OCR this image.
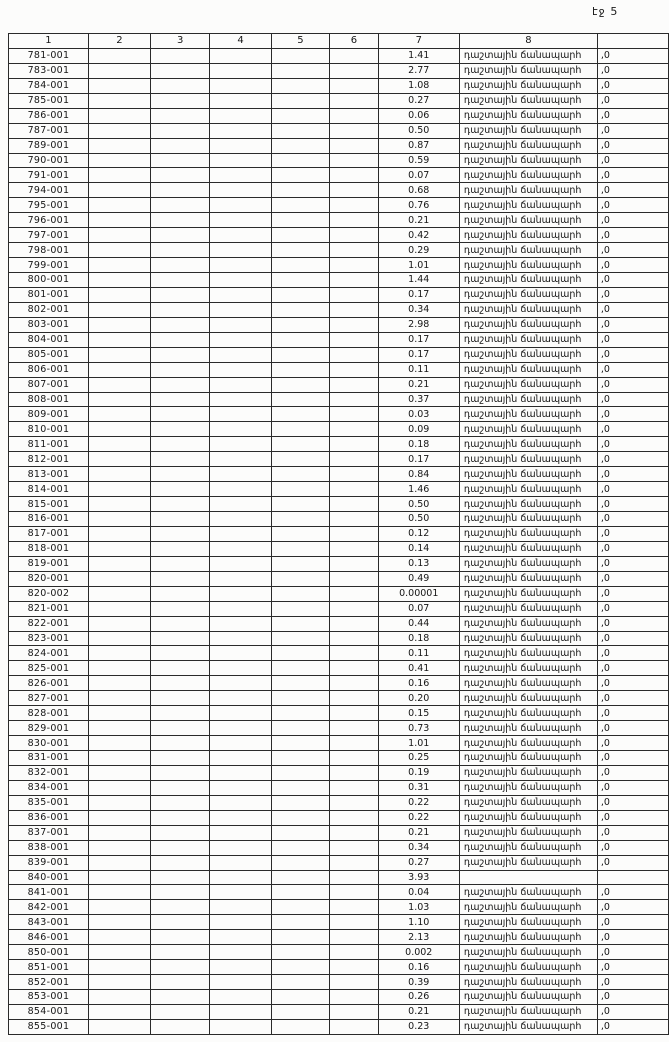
էջ 5
1	2	3	4	5	6	7	8	
781-001						1.41	դաշտային ճանապարհ	,0
783-001						2.77	դաշտային ճանապարհ	,0
784-001						1.08	դաշտային ճանապարհ	,0
785-001						0.27	դաշտային ճանապարհ	,0
786-001						0.06	դաշտային ճանապարհ	,0
787-001						0.50	դաշտային ճանապարհ	,0
789-001						0.87	դաշտային ճանապարհ	,0
790-001						0.59	դաշտային ճանապարհ	,0
791-001						0.07	դաշտային ճանապարհ	,0
794-001						0.68	դաշտային ճանապարհ	,0
795-001						0.76	դաշտային ճանապարհ	,0
796-001						0.21	դաշտային ճանապարհ	,0
797-001						0.42	դաշտային ճանապարհ	,0
798-001						0.29	դաշտային ճանապարհ	,0
799-001						1.01	դաշտային ճանապարհ	,0
800-001						1.44	դաշտային ճանապարհ	,0
801-001						0.17	դաշտային ճանապարհ	,0
802-001						0.34	դաշտային ճանապարհ	,0
803-001						2.98	դաշտային ճանապարհ	,0
804-001						0.17	դաշտային ճանապարհ	,0
805-001						0.17	դաշտային ճանապարհ	,0
806-001						0.11	դաշտային ճանապարհ	,0
807-001						0.21	դաշտային ճանապարհ	,0
808-001						0.37	դաշտային ճանապարհ	,0
809-001						0.03	դաշտային ճանապարհ	,0
810-001						0.09	դաշտային ճանապարհ	,0
811-001						0.18	դաշտային ճանապարհ	,0
812-001						0.17	դաշտային ճանապարհ	,0
813-001						0.84	դաշտային ճանապարհ	,0
814-001						1.46	դաշտային ճանապարհ	,0
815-001						0.50	դաշտային ճանապարհ	,0
816-001						0.50	դաշտային ճանապարհ	,0
817-001						0.12	դաշտային ճանապարհ	,0
818-001						0.14	դաշտային ճանապարհ	,0
819-001						0.13	դաշտային ճանապարհ	,0
820-001						0.49	դաշտային ճանապարհ	,0
820-002						0.00001	դաշտային ճանապարհ	,0
821-001						0.07	դաշտային ճանապարհ	,0
822-001						0.44	դաշտային ճանապարհ	,0
823-001						0.18	դաշտային ճանապարհ	,0
824-001						0.11	դաշտային ճանապարհ	,0
825-001						0.41	դաշտային ճանապարհ	,0
826-001						0.16	դաշտային ճանապարհ	,0
827-001						0.20	դաշտային ճանապարհ	,0
828-001						0.15	դաշտային ճանապարհ	,0
829-001						0.73	դաշտային ճանապարհ	,0
830-001						1.01	դաշտային ճանապարհ	,0
831-001						0.25	դաշտային ճանապարհ	,0
832-001						0.19	դաշտային ճանապարհ	,0
834-001						0.31	դաշտային ճանապարհ	,0
835-001						0.22	դաշտային ճանապարհ	,0
836-001						0.22	դաշտային ճանապարհ	,0
837-001						0.21	դաշտային ճանապարհ	,0
838-001						0.34	դաշտային ճանապարհ	,0
839-001						0.27	դաշտային ճանապարհ	,0
840-001						3.93		
841-001						0.04	դաշտային ճանապարհ	,0
842-001						1.03	դաշտային ճանապարհ	,0
843-001						1.10	դաշտային ճանապարհ	,0
846-001						2.13	դաշտային ճանապարհ	,0
850-001						0.002	դաշտային ճանապարհ	,0
851-001						0.16	դաշտային ճանապարհ	,0
852-001						0.39	դաշտային ճանապարհ	,0
853-001						0.26	դաշտային ճանապարհ	,0
854-001						0.21	դաշտային ճանապարհ	,0
855-001						0.23	դաշտային ճանապարհ	,0
